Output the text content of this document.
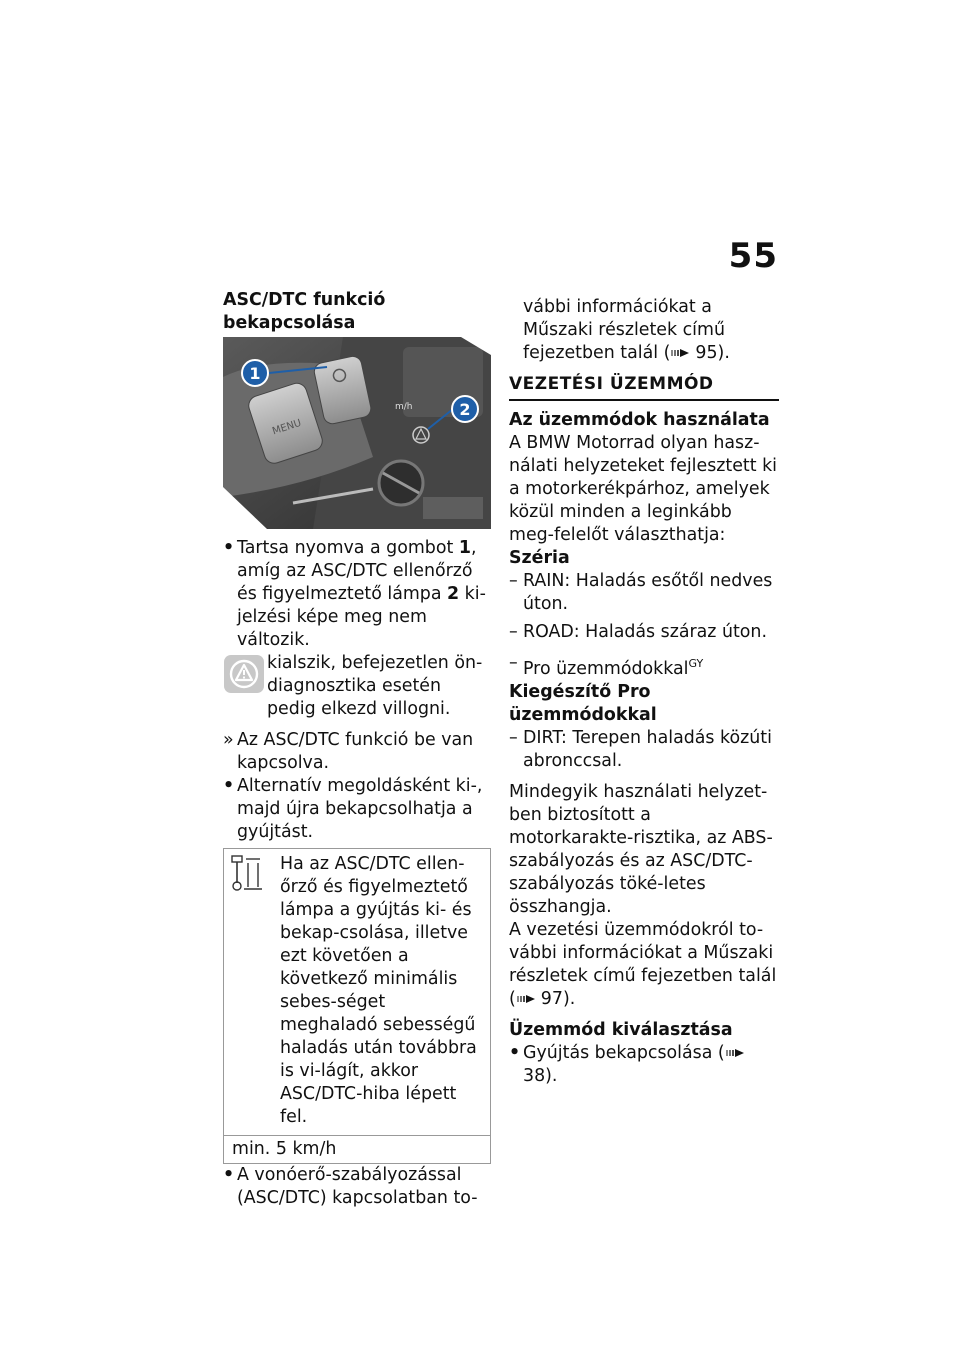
55

ASC/DTC funkció bekapcsolása

MENU
m/h
1
2

• Tartsa nyomva a gombot 1, amíg az ASC/DTC ellenőrző és figyelmeztető lámpa 2 ki-jelzési képe meg nem változik.

kialszik, befejezetlen ön-diagnosztika esetén pedig elkezd villogni.

» Az ASC/DTC funkció be van kapcsolva.

• Alternatív megoldásként ki-, majd újra bekapcsolhatja a gyújtást.

Ha az ASC/DTC ellen-őrző és figyelmeztető lámpa a gyújtás ki- és bekap-csolása, illetve ezt követően a következő minimális sebes-séget meghaladó sebességű haladás után továbbra is vi-lágít, akkor ASC/DTC-hiba lépett fel.

min. 5 km/h

• A vonóerő-szabályozással (ASC/DTC) kapcsolatban to-

vábbi információkat a Műszaki részletek című fejezetben talál ( 95).

VEZETÉSI ÜZEMMÓD

Az üzemmódok használata

A BMW Motorrad olyan hasz-nálati helyzeteket fejlesztett ki a motorkerékpárhoz, amelyek közül minden a leginkább meg-felelőt választhatja:

Széria

– RAIN: Haladás esőtől nedves úton.

– ROAD: Haladás száraz úton.

– Pro üzemmódokkal$^{GY}$

Kiegészítő Pro üzemmódokkal

– DIRT: Terepen haladás közúti abronccsal.

Mindegyik használati helyzet-ben biztosított a motorkarakte-risztika, az ABS-szabályozás és az ASC/DTC-szabályozás töké-letes összhangja.

A vezetési üzemmódokról to-vábbi információkat a Műszaki részletek című fejezetben talál ( 97).

Üzemmód kiválasztása

• Gyújtás bekapcsolása (38).
